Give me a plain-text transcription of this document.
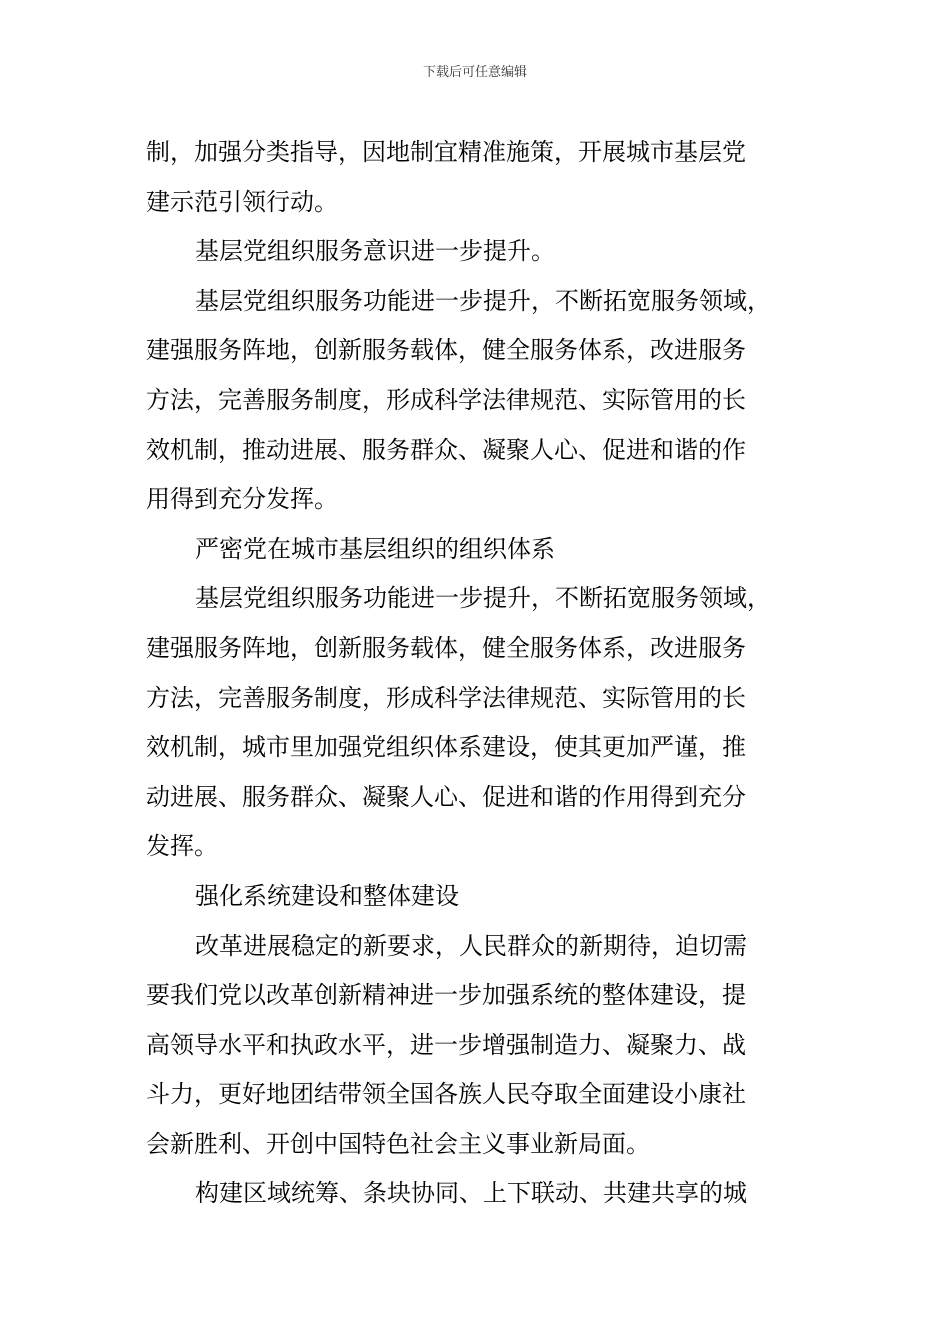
下载后可任意编辑
制，加强分类指导，因地制宜精准施策，开展城市基层党
建示范引领行动。
基层党组织服务意识进一步提升。
基层党组织服务功能进一步提升，不断拓宽服务领域，
建强服务阵地，创新服务载体，健全服务体系，改进服务
方法，完善服务制度，形成科学法律规范、实际管用的长
效机制，推动进展、服务群众、凝聚人心、促进和谐的作
用得到充分发挥。
严密党在城市基层组织的组织体系
基层党组织服务功能进一步提升，不断拓宽服务领域，
建强服务阵地，创新服务载体，健全服务体系，改进服务
方法，完善服务制度，形成科学法律规范、实际管用的长
效机制，城市里加强党组织体系建设，使其更加严谨，推
动进展、服务群众、凝聚人心、促进和谐的作用得到充分
发挥。
强化系统建设和整体建设
改革进展稳定的新要求，人民群众的新期待，迫切需
要我们党以改革创新精神进一步加强系统的整体建设，提
高领导水平和执政水平，进一步增强制造力、凝聚力、战
斗力，更好地团结带领全国各族人民夺取全面建设小康社
会新胜利、开创中国特色社会主义事业新局面。
构建区域统筹、条块协同、上下联动、共建共享的城
